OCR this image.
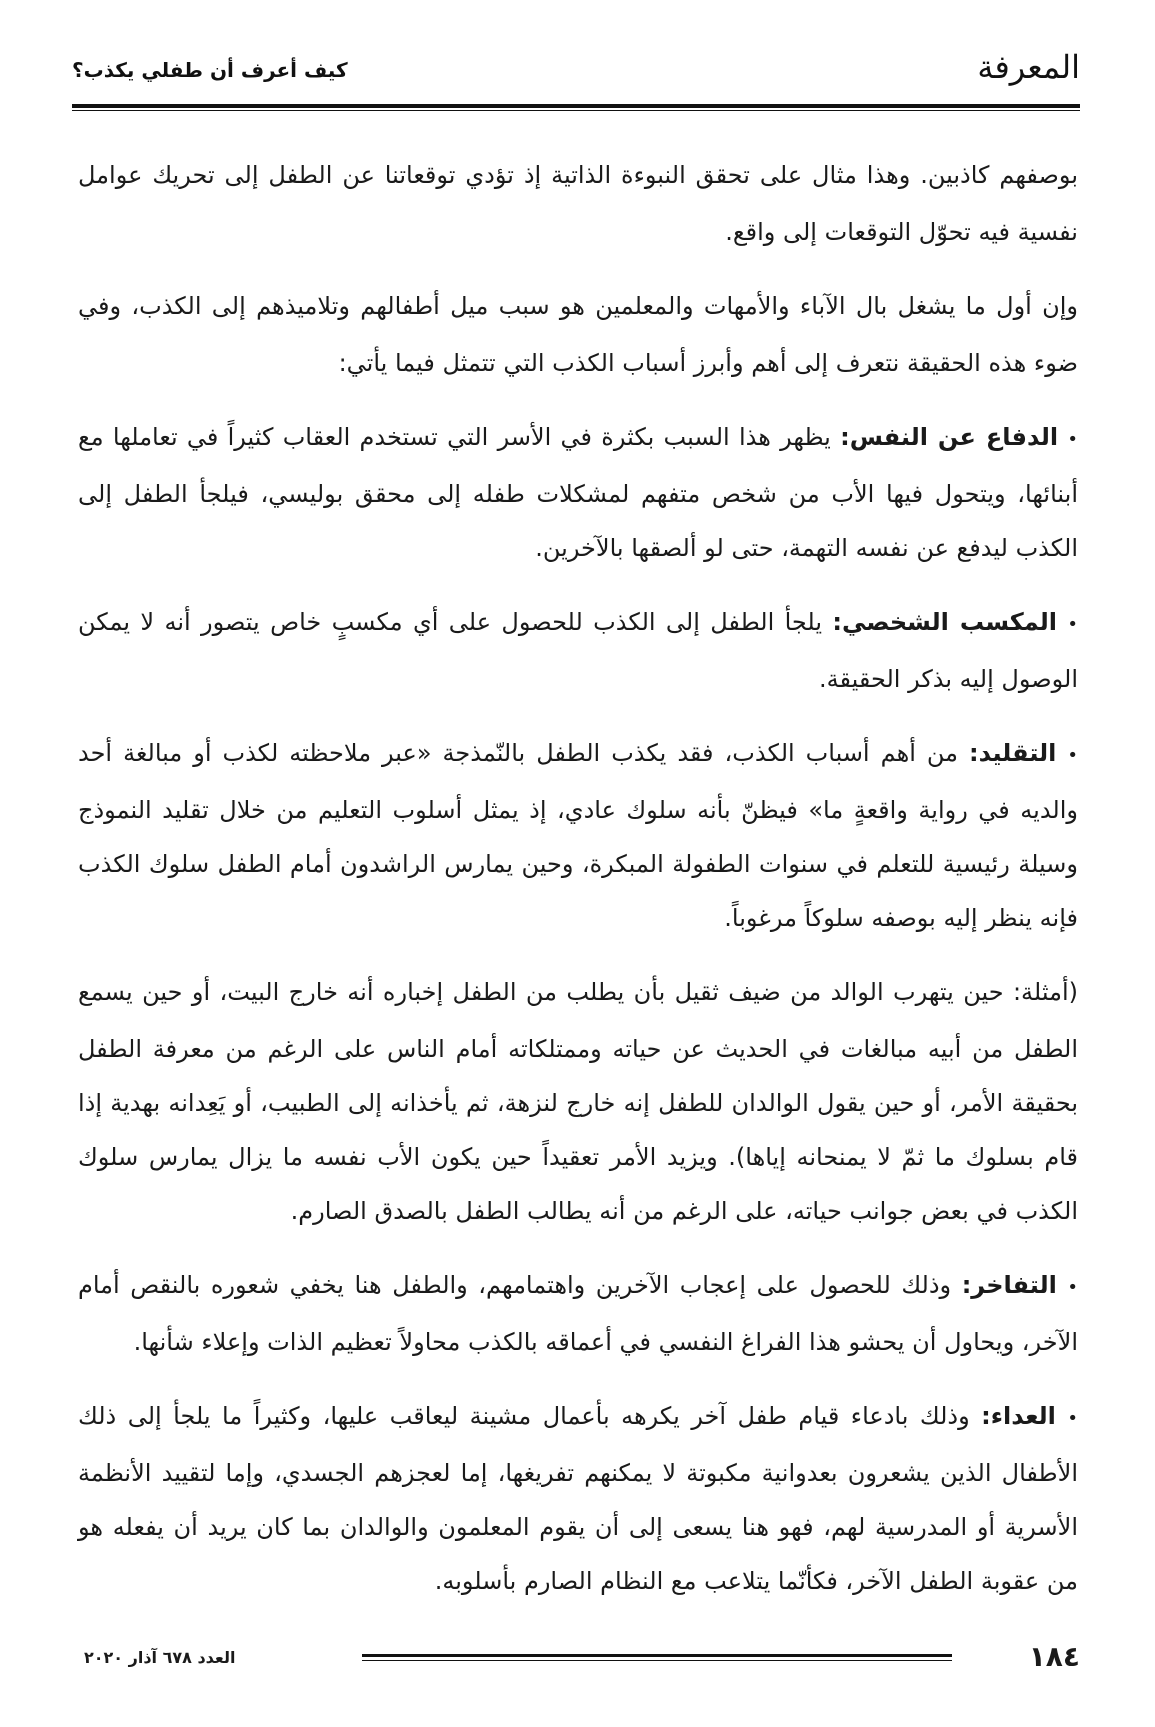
المعرفة
كيف أعرف أن طفلي يكذب؟

بوصفهم كاذبين. وهذا مثال على تحقق النبوءة الذاتية إذ تؤدي توقعاتنا عن الطفل إلى تحريك عوامل نفسية فيه تحوّل التوقعات إلى واقع.

وإن أول ما يشغل بال الآباء والأمهات والمعلمين هو سبب ميل أطفالهم وتلاميذهم إلى الكذب، وفي ضوء هذه الحقيقة نتعرف إلى أهم وأبرز أسباب الكذب التي تتمثل فيما يأتي:

• الدفاع عن النفس: يظهر هذا السبب بكثرة في الأسر التي تستخدم العقاب كثيراً في تعاملها مع أبنائها، ويتحول فيها الأب من شخص متفهم لمشكلات طفله إلى محقق بوليسي، فيلجأ الطفل إلى الكذب ليدفع عن نفسه التهمة، حتى لو ألصقها بالآخرين.

• المكسب الشخصي: يلجأ الطفل إلى الكذب للحصول على أي مكسبٍ خاص يتصور أنه لا يمكن الوصول إليه بذكر الحقيقة.

• التقليد: من أهم أسباب الكذب، فقد يكذب الطفل بالنّمذجة «عبر ملاحظته لكذب أو مبالغة أحد والديه في رواية واقعةٍ ما» فيظنّ بأنه سلوك عادي، إذ يمثل أسلوب التعليم من خلال تقليد النموذج وسيلة رئيسية للتعلم في سنوات الطفولة المبكرة، وحين يمارس الراشدون أمام الطفل سلوك الكذب فإنه ينظر إليه بوصفه سلوكاً مرغوباً.

(أمثلة: حين يتهرب الوالد من ضيف ثقيل بأن يطلب من الطفل إخباره أنه خارج البيت، أو حين يسمع الطفل من أبيه مبالغات في الحديث عن حياته وممتلكاته أمام الناس على الرغم من معرفة الطفل بحقيقة الأمر، أو حين يقول الوالدان للطفل إنه خارج لنزهة، ثم يأخذانه إلى الطبيب، أو يَعِدانه بهدية إذا قام بسلوك ما ثمّ لا يمنحانه إياها). ويزيد الأمر تعقيداً حين يكون الأب نفسه ما يزال يمارس سلوك الكذب في بعض جوانب حياته، على الرغم من أنه يطالب الطفل بالصدق الصارم.

• التفاخر: وذلك للحصول على إعجاب الآخرين واهتمامهم، والطفل هنا يخفي شعوره بالنقص أمام الآخر، ويحاول أن يحشو هذا الفراغ النفسي في أعماقه بالكذب محاولاً تعظيم الذات وإعلاء شأنها.

• العداء: وذلك بادعاء قيام طفل آخر يكرهه بأعمال مشينة ليعاقب عليها، وكثيراً ما يلجأ إلى ذلك الأطفال الذين يشعرون بعدوانية مكبوتة لا يمكنهم تفريغها، إما لعجزهم الجسدي، وإما لتقييد الأنظمة الأسرية أو المدرسية لهم، فهو هنا يسعى إلى أن يقوم المعلمون والوالدان بما كان يريد أن يفعله هو من عقوبة الطفل الآخر، فكأنّما يتلاعب مع النظام الصارم بأسلوبه.

١٨٤
العدد ٦٧٨ آذار ٢٠٢٠
